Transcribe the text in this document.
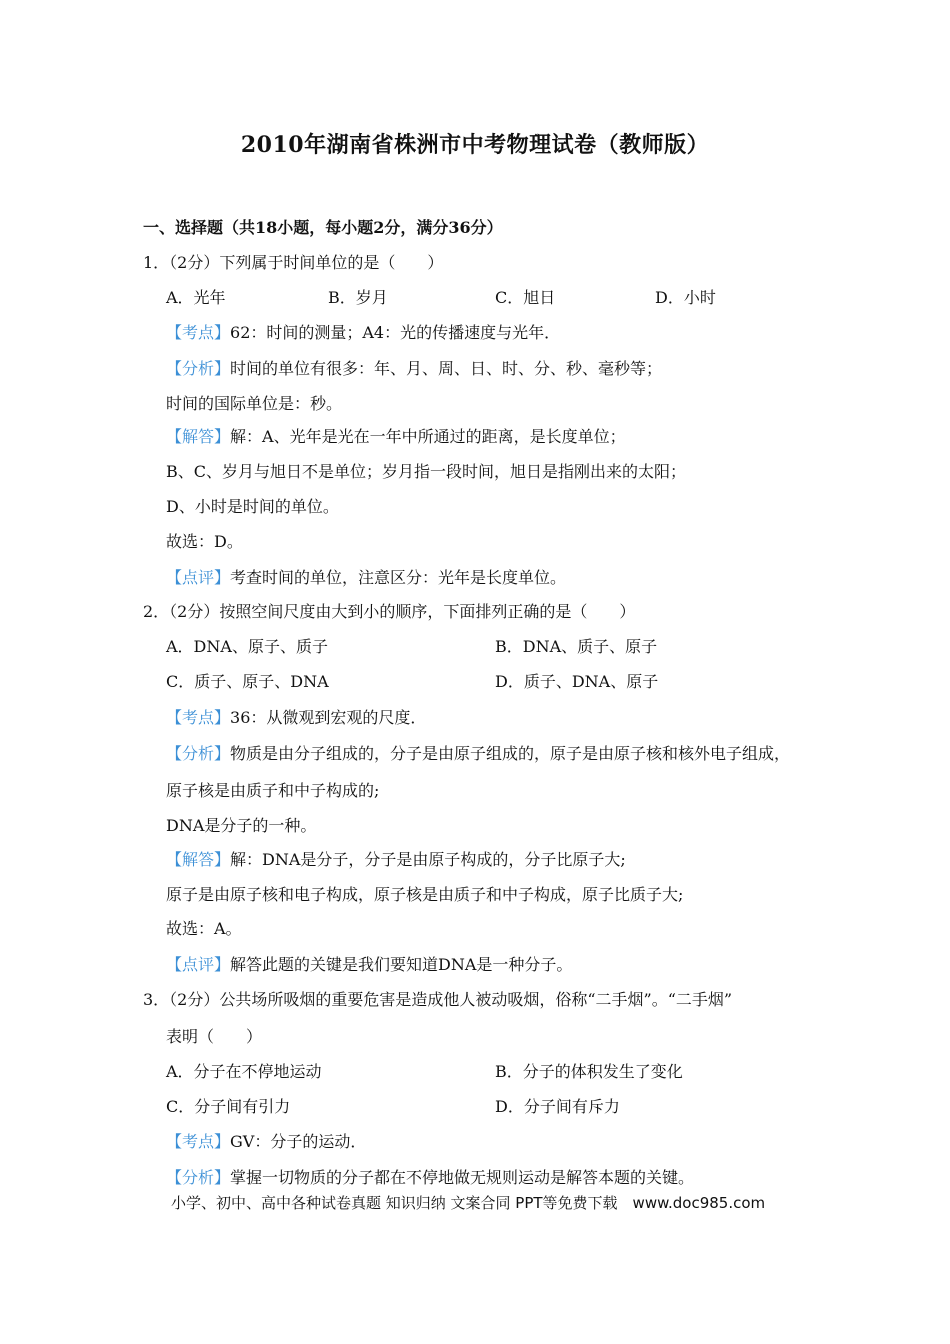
2010年湖南省株洲市中考物理试卷（教师版）
一、选择题（共18小题，每小题2分，满分36分）
1．（2分）下列属于时间单位的是（　　）
A．光年	B．岁月	C．旭日	D．小时
【考点】62：时间的测量；A4：光的传播速度与光年．
【分析】时间的单位有很多：年、月、周、日、时、分、秒、毫秒等；
时间的国际单位是：秒。
【解答】解：A、光年是光在一年中所通过的距离，是长度单位；
B、C、岁月与旭日不是单位；岁月指一段时间，旭日是指刚出来的太阳；
D、小时是时间的单位。
故选：D。
【点评】考查时间的单位，注意区分：光年是长度单位。
2．（2分）按照空间尺度由大到小的顺序，下面排列正确的是（　　）
A．DNA、原子、质子	B．DNA、质子、原子
C．质子、原子、DNA	D．质子、DNA、原子
【考点】36：从微观到宏观的尺度．
【分析】物质是由分子组成的，分子是由原子组成的，原子是由原子核和核外电子组成，
原子核是由质子和中子构成的;
DNA是分子的一种。
【解答】解：DNA是分子，分子是由原子构成的，分子比原子大;
原子是由原子核和电子构成，原子核是由质子和中子构成，原子比质子大;
故选：A。
【点评】解答此题的关键是我们要知道DNA是一种分子。
3．（2分）公共场所吸烟的重要危害是造成他人被动吸烟，俗称“二手烟”。“二手烟”
表明（　　）
A．分子在不停地运动	B．分子的体积发生了变化
C．分子间有引力	D．分子间有斥力
【考点】GV：分子的运动．
【分析】掌握一切物质的分子都在不停地做无规则运动是解答本题的关键。
小学、初中、高中各种试卷真题 知识归纳 文案合同 PPT等免费下载　www.doc985.com
